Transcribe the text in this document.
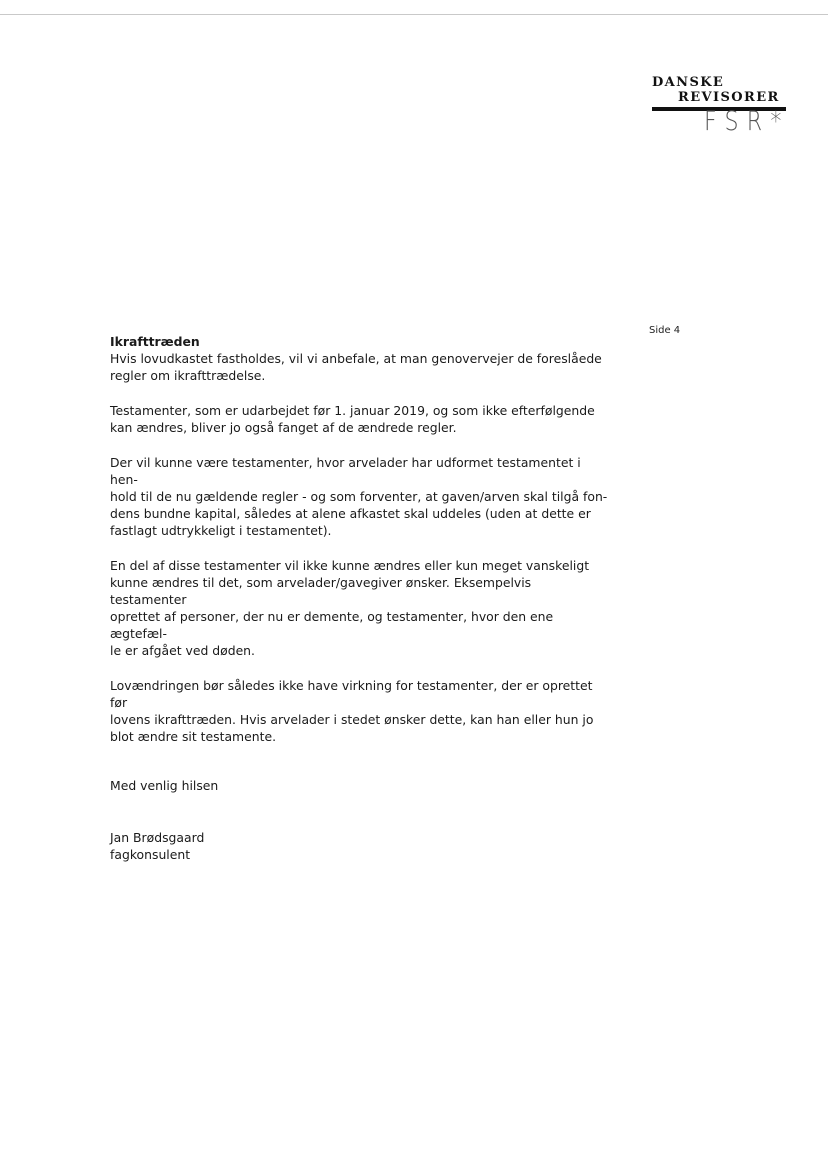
DANSKE
REVISORER
FSR*
Side 4

Ikrafttræden

Hvis lovudkastet fastholdes, vil vi anbefale, at man genovervejer de foreslåede
regler om ikrafttrædelse.

Testamenter, som er udarbejdet før 1. januar 2019, og som ikke efterfølgende
kan ændres, bliver jo også fanget af de ændrede regler.

Der vil kunne være testamenter, hvor arvelader har udformet testamentet i hen-
hold til de nu gældende regler - og som forventer, at gaven/arven skal tilgå fon-
dens bundne kapital, således at alene afkastet skal uddeles (uden at dette er
fastlagt udtrykkeligt i testamentet).

En del af disse testamenter vil ikke kunne ændres eller kun meget vanskeligt
kunne ændres til det, som arvelader/gavegiver ønsker. Eksempelvis testamenter
oprettet af personer, der nu er demente, og testamenter, hvor den ene ægtefæl-
le er afgået ved døden.

Lovændringen bør således ikke have virkning for testamenter, der er oprettet før
lovens ikrafttræden. Hvis arvelader i stedet ønsker dette, kan han eller hun jo
blot ændre sit testamente.

Med venlig hilsen

Jan Brødsgaard

fagkonsulent
